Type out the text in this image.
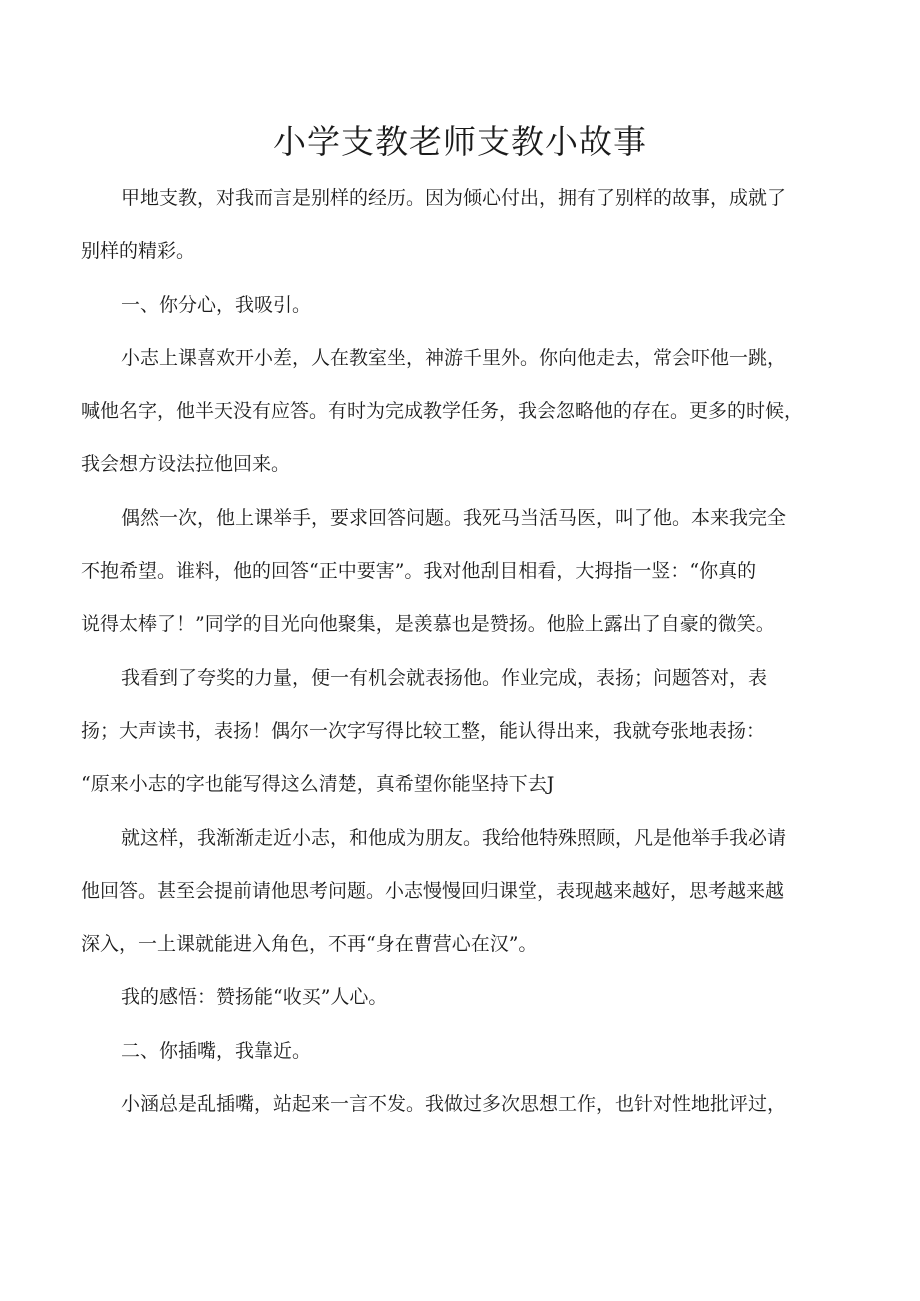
小学支教老师支教小故事
甲地支教，对我而言是别样的经历。因为倾心付出，拥有了别样的故事，成就了
别样的精彩。
一、你分心，我吸引。
小志上课喜欢开小差，人在教室坐，神游千里外。你向他走去，常会吓他一跳，
喊他名字，他半天没有应答。有时为完成教学任务，我会忽略他的存在。更多的时候，
我会想方设法拉他回来。
偶然一次，他上课举手，要求回答问题。我死马当活马医，叫了他。本来我完全
不抱希望。谁料，他的回答“正中要害”。我对他刮目相看，大拇指一竖：“你真的
说得太棒了！”同学的目光向他聚集，是羡慕也是赞扬。他脸上露出了自豪的微笑。
我看到了夸奖的力量，便一有机会就表扬他。作业完成，表扬；问题答对，表
扬；大声读书，表扬！偶尔一次字写得比较工整，能认得出来，我就夸张地表扬：
“原来小志的字也能写得这么清楚，真希望你能坚持下去J
就这样，我渐渐走近小志，和他成为朋友。我给他特殊照顾，凡是他举手我必请
他回答。甚至会提前请他思考问题。小志慢慢回归课堂，表现越来越好，思考越来越
深入，一上课就能进入角色，不再“身在曹营心在汉”。
我的感悟：赞扬能“收买”人心。
二、你插嘴，我靠近。
小涵总是乱插嘴，站起来一言不发。我做过多次思想工作，也针对性地批评过，
